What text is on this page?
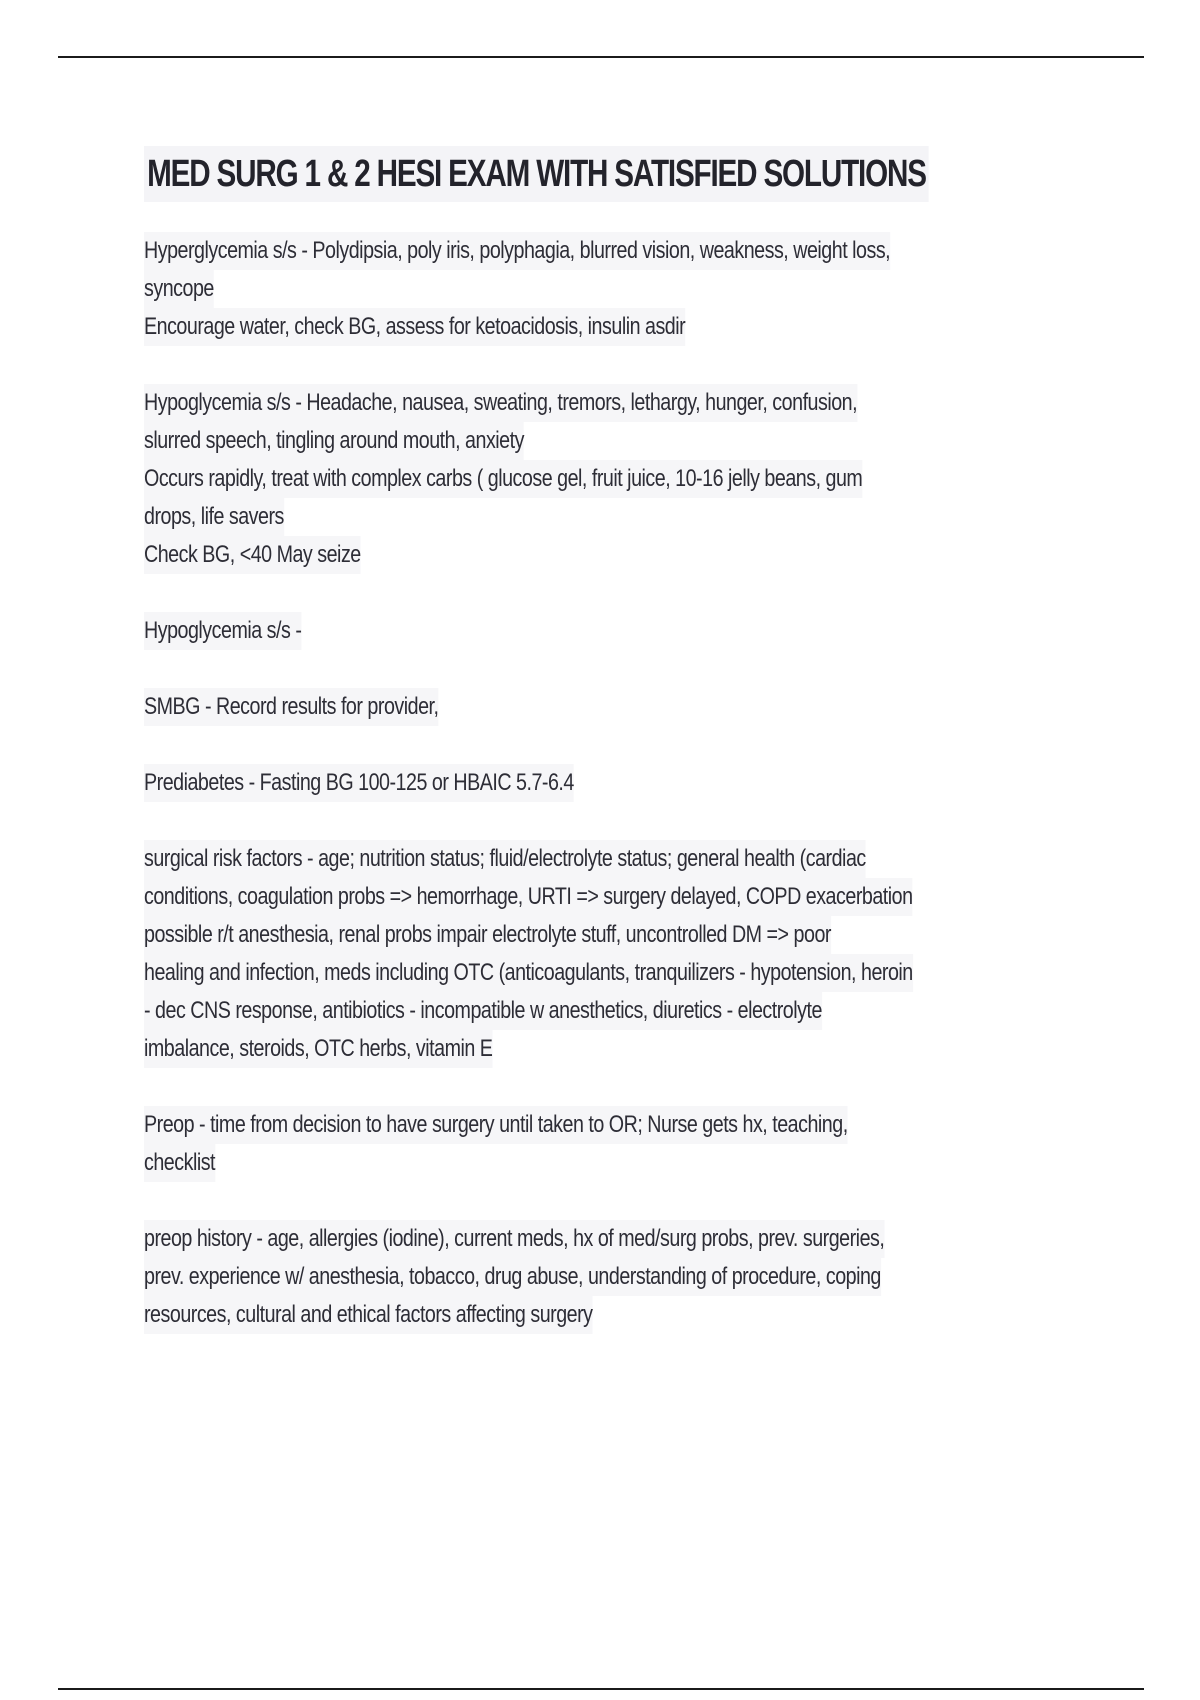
MED SURG 1 & 2 HESI EXAM WITH SATISFIED SOLUTIONS
Hyperglycemia s/s - Polydipsia, poly iris, polyphagia, blurred vision, weakness, weight loss,
syncope
Encourage water, check BG, assess for ketoacidosis, insulin asdir
Hypoglycemia s/s - Headache, nausea, sweating, tremors, lethargy, hunger, confusion,
slurred speech, tingling around mouth, anxiety
Occurs rapidly, treat with complex carbs ( glucose gel, fruit juice, 10-16 jelly beans, gum
drops, life savers
Check BG, <40 May seize
Hypoglycemia s/s -
SMBG - Record results for provider,
Prediabetes - Fasting BG 100-125 or HBAIC 5.7-6.4
surgical risk factors - age; nutrition status; fluid/electrolyte status; general health (cardiac
conditions, coagulation probs => hemorrhage, URTI => surgery delayed, COPD exacerbation
possible r/t anesthesia, renal probs impair electrolyte stuff, uncontrolled DM => poor
healing and infection, meds including OTC (anticoagulants, tranquilizers - hypotension, heroin
- dec CNS response, antibiotics - incompatible w anesthetics, diuretics - electrolyte
imbalance, steroids, OTC herbs, vitamin E
Preop - time from decision to have surgery until taken to OR; Nurse gets hx, teaching,
checklist
preop history - age, allergies (iodine), current meds, hx of med/surg probs, prev. surgeries,
prev. experience w/ anesthesia, tobacco, drug abuse, understanding of procedure, coping
resources, cultural and ethical factors affecting surgery
